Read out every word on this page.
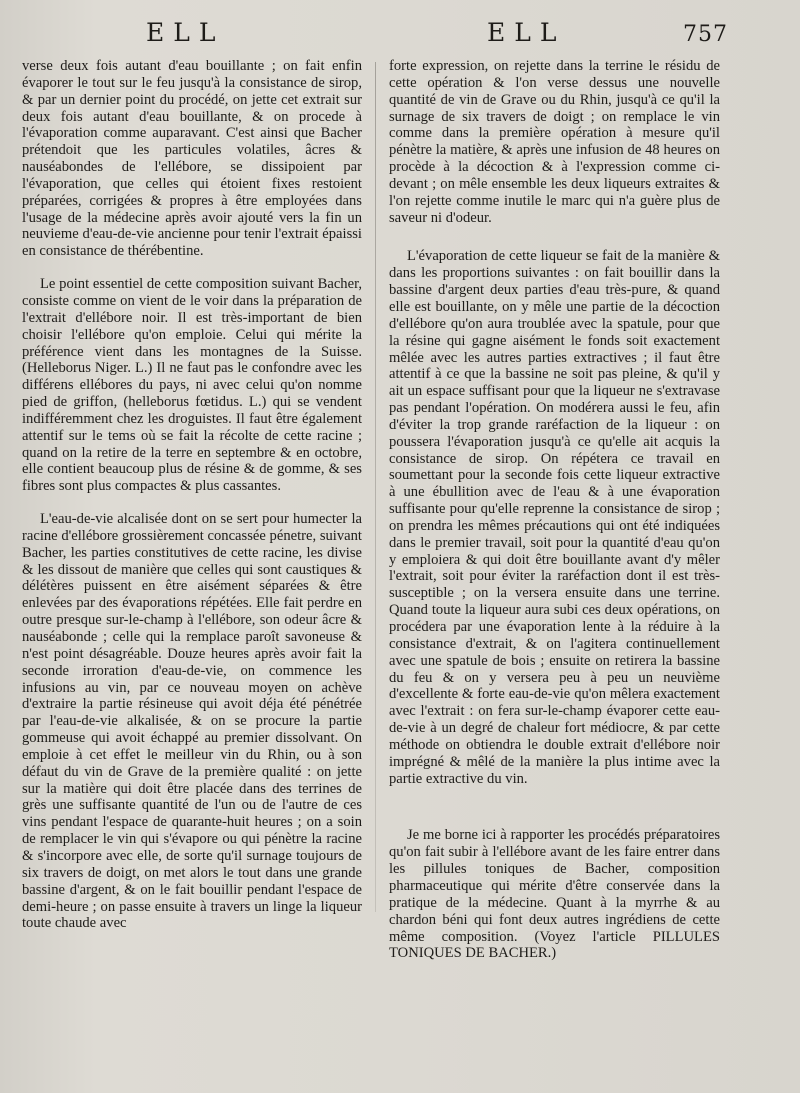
ELL	ELL	757

verse deux fois autant d'eau bouillante ; on fait enfin évaporer le tout sur le feu jusqu'à la consistance de sirop, & par un dernier point du procédé, on jette cet extrait sur deux fois autant d'eau bouillante, & on procede à l'évaporation comme auparavant. C'est ainsi que Bacher prétendoit que les particules volatiles, âcres & nauséabondes de l'ellébore, se dissipoient par l'évaporation, que celles qui étoient fixes restoient préparées, corrigées & propres à être employées dans l'usage de la médecine après avoir ajouté vers la fin un neuvieme d'eau-de-vie ancienne pour tenir l'extrait épaissi en consistance de thérébentine.

Le point essentiel de cette composition suivant Bacher, consiste comme on vient de le voir dans la préparation de l'extrait d'ellébore noir. Il est très-important de bien choisir l'ellébore qu'on emploie. Celui qui mérite la préférence vient dans les montagnes de la Suisse. (Helleborus Niger. L.) Il ne faut pas le confondre avec les différens ellébores du pays, ni avec celui qu'on nomme pied de griffon, (helleborus fœtidus. L.) qui se vendent indifféremment chez les droguistes. Il faut être également attentif sur le tems où se fait la récolte de cette racine ; quand on la retire de la terre en septembre & en octobre, elle contient beaucoup plus de résine & de gomme, & ses fibres sont plus compactes & plus cassantes.

L'eau-de-vie alcalisée dont on se sert pour humecter la racine d'ellébore grossièrement concassée pénetre, suivant Bacher, les parties constitutives de cette racine, les divise & les dissout de manière que celles qui sont caustiques & délétères puissent en être aisément séparées & être enlevées par des évaporations répétées. Elle fait perdre en outre presque sur-le-champ à l'ellébore, son odeur âcre & nauséabonde ; celle qui la remplace paroît savoneuse & n'est point désagréable. Douze heures après avoir fait la seconde irroration d'eau-de-vie, on commence les infusions au vin, par ce nouveau moyen on achève d'extraire la partie résineuse qui avoit déja été pénétrée par l'eau-de-vie alkalisée, & on se procure la partie gommeuse qui avoit échappé au premier dissolvant. On emploie à cet effet le meilleur vin du Rhin, ou à son défaut du vin de Grave de la première qualité : on jette sur la matière qui doit être placée dans des terrines de grès une suffisante quantité de l'un ou de l'autre de ces vins pendant l'espace de quarante-huit heures ; on a soin de remplacer le vin qui s'évapore ou qui pénètre la racine & s'incorpore avec elle, de sorte qu'il surnage toujours de six travers de doigt, on met alors le tout dans une grande bassine d'argent, & on le fait bouillir pendant l'espace de demi-heure ; on passe ensuite à travers un linge la liqueur toute chaude avec

forte expression, on rejette dans la terrine le résidu de cette opération & l'on verse dessus une nouvelle quantité de vin de Grave ou du Rhin, jusqu'à ce qu'il la surnage de six travers de doigt ; on remplace le vin comme dans la première opération à mesure qu'il pénètre la matière, & après une infusion de 48 heures on procède à la décoction & à l'expression comme ci-devant ; on mêle ensemble les deux liqueurs extraites & l'on rejette comme inutile le marc qui n'a guère plus de saveur ni d'odeur.

L'évaporation de cette liqueur se fait de la manière & dans les proportions suivantes : on fait bouillir dans la bassine d'argent deux parties d'eau très-pure, & quand elle est bouillante, on y mêle une partie de la décoction d'ellébore qu'on aura troublée avec la spatule, pour que la résine qui gagne aisément le fonds soit exactement mêlée avec les autres parties extractives ; il faut être attentif à ce que la bassine ne soit pas pleine, & qu'il y ait un espace suffisant pour que la liqueur ne s'extravase pas pendant l'opération. On modérera aussi le feu, afin d'éviter la trop grande raréfaction de la liqueur : on poussera l'évaporation jusqu'à ce qu'elle ait acquis la consistance de sirop. On répétera ce travail en soumettant pour la seconde fois cette liqueur extractive à une ébullition avec de l'eau & à une évaporation suffisante pour qu'elle reprenne la consistance de sirop ; on prendra les mêmes précautions qui ont été indiquées dans le premier travail, soit pour la quantité d'eau qu'on y emploiera & qui doit être bouillante avant d'y mêler l'extrait, soit pour éviter la raréfaction dont il est très-susceptible ; on la versera ensuite dans une terrine. Quand toute la liqueur aura subi ces deux opérations, on procédera par une évaporation lente à la réduire à la consistance d'extrait, & on l'agitera continuellement avec une spatule de bois ; ensuite on retirera la bassine du feu & on y versera peu à peu un neuvième d'excellente & forte eau-de-vie qu'on mêlera exactement avec l'extrait : on fera sur-le-champ évaporer cette eau-de-vie à un degré de chaleur fort médiocre, & par cette méthode on obtiendra le double extrait d'ellébore noir imprégné & mêlé de la manière la plus intime avec la partie extractive du vin.

Je me borne ici à rapporter les procédés préparatoires qu'on fait subir à l'ellébore avant de les faire entrer dans les pillules toniques de Bacher, composition pharmaceutique qui mérite d'être conservée dans la pratique de la médecine. Quant à la myrrhe & au chardon béni qui font deux autres ingrédiens de cette même composition. (Voyez l'article PILLULES TONIQUES DE BACHER.)
